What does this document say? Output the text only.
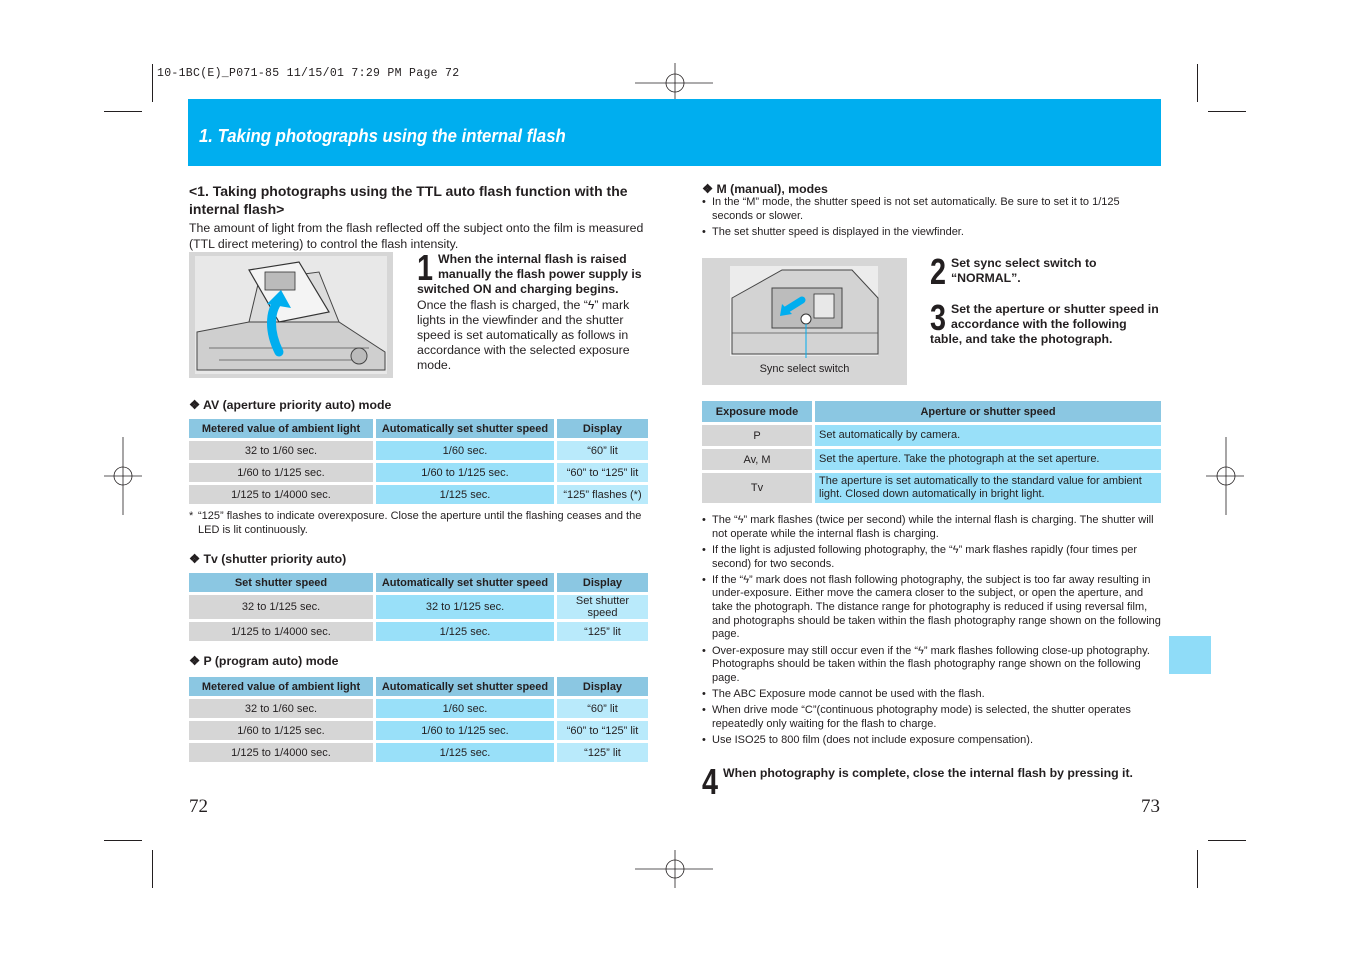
10-1BC(E)_P071-85 11/15/01 7:29 PM Page 72
1. Taking photographs using the internal flash
<1. Taking photographs using the TTL auto flash function with the internal flash>
The amount of light from the flash reflected off the subject onto the film is measured (TTL direct metering) to control the flash intensity.
1 When the internal flash is raised manually the flash power supply is switched ON and charging begins.
Once the flash is charged, the “ϟ” mark lights in the viewfinder and the shutter speed is set automatically as follows in accordance with the selected exposure mode.
❖ AV (aperture priority auto) mode
Metered value of ambient light	Automatically set shutter speed	Display
32 to 1/60 sec.	1/60 sec.	“60” lit
1/60 to 1/125 sec.	1/60 to 1/125 sec.	“60” to “125” lit
1/125 to 1/4000 sec.	1/125 sec.	“125” flashes (*)
* “125” flashes to indicate overexposure. Close the aperture until the flashing ceases and the LED is lit continuously.
❖ Tv (shutter priority auto)
Set shutter speed	Automatically set shutter speed	Display
32 to 1/125 sec.	32 to 1/125 sec.	Set shutter speed
1/125 to 1/4000 sec.	1/125 sec.	“125” lit
❖ P (program auto) mode
Metered value of ambient light	Automatically set shutter speed	Display
32 to 1/60 sec.	1/60 sec.	“60” lit
1/60 to 1/125 sec.	1/60 to 1/125 sec.	“60” to “125” lit
1/125 to 1/4000 sec.	1/125 sec.	“125” lit
72
❖ M (manual), modes
• In the “M” mode, the shutter speed is not set automatically. Be sure to set it to 1/125 seconds or slower.
• The set shutter speed is displayed in the viewfinder.
Sync select switch
2 Set sync select switch to “NORMAL”.
3 Set the aperture or shutter speed in accordance with the following table, and take the photograph.
Exposure mode	Aperture or shutter speed
P	Set automatically by camera.
Av, M	Set the aperture. Take the photograph at the set aperture.
Tv	The aperture is set automatically to the standard value for ambient light. Closed down automatically in bright light.
• The “ϟ” mark flashes (twice per second) while the internal flash is charging. The shutter will not operate while the internal flash is charging.
• If the light is adjusted following photography, the “ϟ” mark flashes rapidly (four times per second) for two seconds.
• If the “ϟ” mark does not flash following photography, the subject is too far away resulting in under-exposure. Either move the camera closer to the subject, or open the aperture, and take the photograph. The distance range for photography is reduced if using reversal film, and photographs should be taken within the flash photography range shown on the following page.
• Over-exposure may still occur even if the “ϟ” mark flashes following close-up photography. Photographs should be taken within the flash photography range shown on the following page.
• The ABC Exposure mode cannot be used with the flash.
• When drive mode “C”(continuous photography mode) is selected, the shutter operates repeatedly only waiting for the flash to charge.
• Use ISO25 to 800 film (does not include exposure compensation).
4 When photography is complete, close the internal flash by pressing it.
73
